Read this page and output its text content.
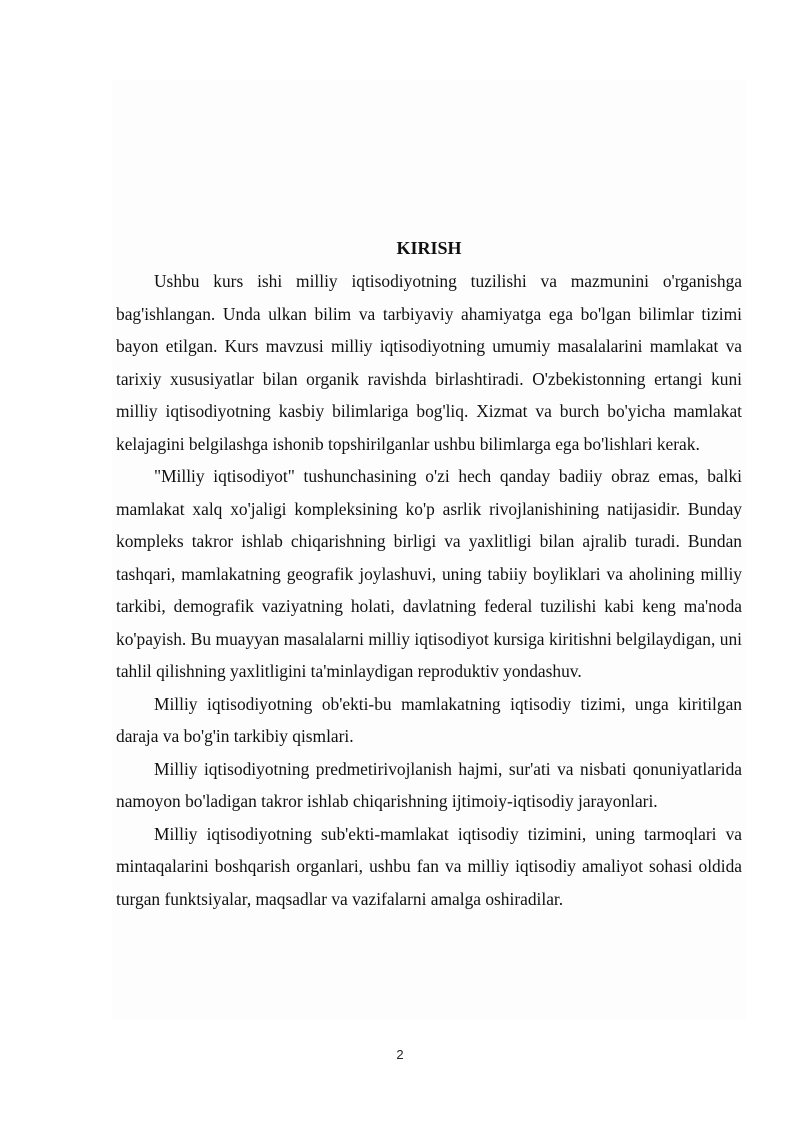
KIRISH

Ushbu kurs ishi milliy iqtisodiyotning tuzilishi va mazmunini o'rganishga bag'ishlangan. Unda ulkan bilim va tarbiyaviy ahamiyatga ega bo'lgan bilimlar tizimi bayon etilgan. Kurs mavzusi milliy iqtisodiyotning umumiy masalalarini mamlakat va tarixiy xususiyatlar bilan organik ravishda birlashtiradi. O'zbekistonning ertangi kuni milliy iqtisodiyotning kasbiy bilimlariga bog'liq. Xizmat va burch bo'yicha mamlakat kelajagini belgilashga ishonib topshirilganlar ushbu bilimlarga ega bo'lishlari kerak.

"Milliy iqtisodiyot" tushunchasining o'zi hech qanday badiiy obraz emas, balki mamlakat xalq xo'jaligi kompleksining ko'p asrlik rivojlanishining natijasidir. Bunday kompleks takror ishlab chiqarishning birligi va yaxlitligi bilan ajralib turadi. Bundan tashqari, mamlakatning geografik joylashuvi, uning tabiiy boyliklari va aholining milliy tarkibi, demografik vaziyatning holati, davlatning federal tuzilishi kabi keng ma'noda ko'payish. Bu muayyan masalalarni milliy iqtisodiyot kursiga kiritishni belgilaydigan, uni tahlil qilishning yaxlitligini ta'minlaydigan reproduktiv yondashuv.

Milliy iqtisodiyotning ob'ekti-bu mamlakatning iqtisodiy tizimi, unga kiritilgan daraja va bo'g'in tarkibiy qismlari.

Milliy iqtisodiyotning predmetirivojlanish hajmi, sur'ati va nisbati qonuniyatlarida namoyon bo'ladigan takror ishlab chiqarishning ijtimoiy-iqtisodiy jarayonlari.

Milliy iqtisodiyotning sub'ekti-mamlakat iqtisodiy tizimini, uning tarmoqlari va mintaqalarini boshqarish organlari, ushbu fan va milliy iqtisodiy amaliyot sohasi oldida turgan funktsiyalar, maqsadlar va vazifalarni amalga oshiradilar.

2
